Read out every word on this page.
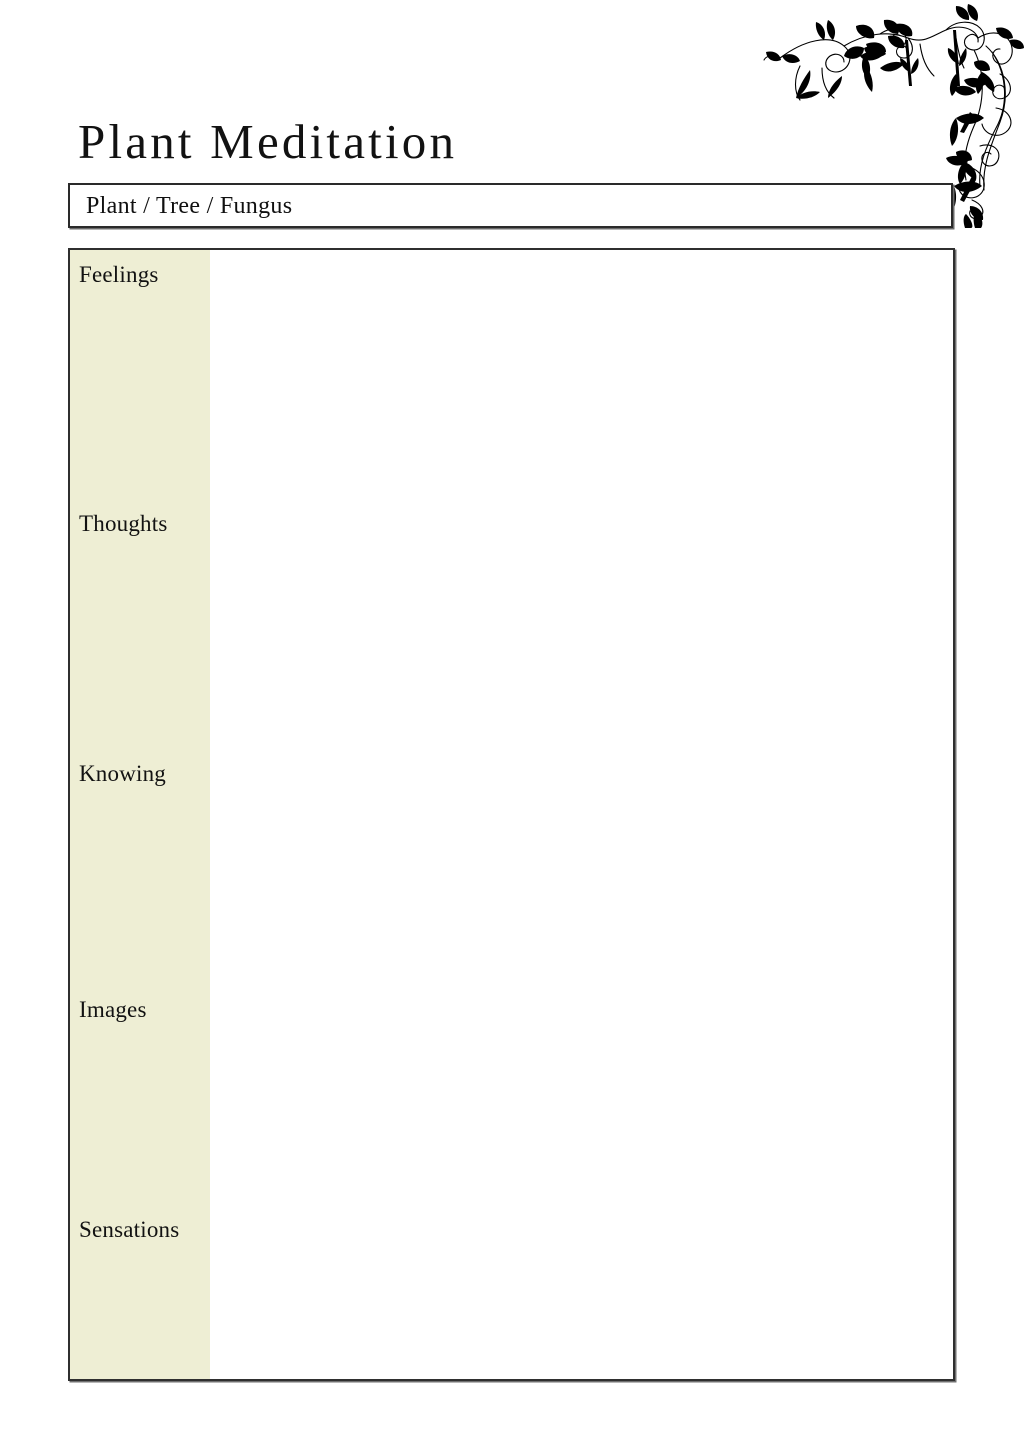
Plant Meditation
Plant / Tree / Fungus
Feelings
Thoughts
Knowing
Images
Sensations
